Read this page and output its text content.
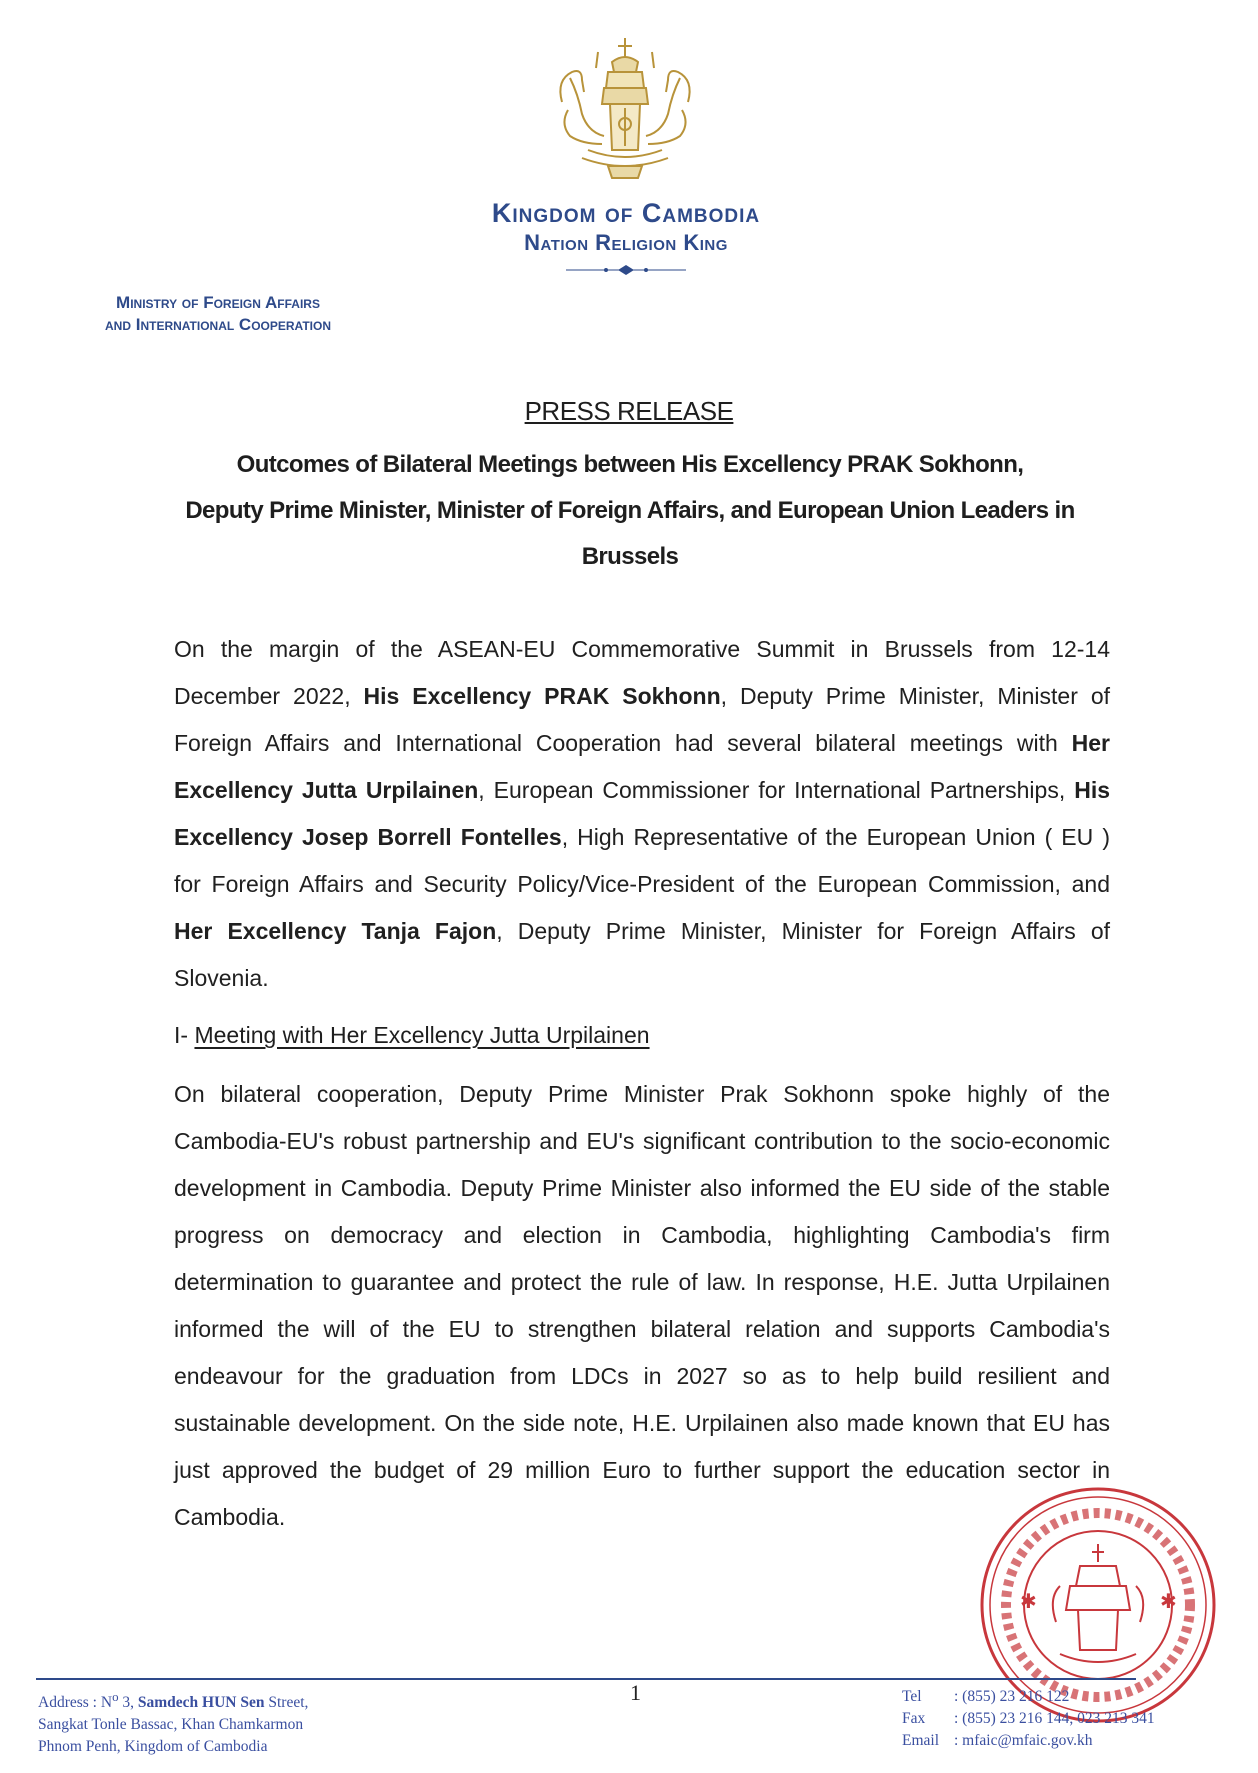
Kingdom of Cambodia
Nation Religion King
Ministry of Foreign Affairs
and International Cooperation
PRESS RELEASE
Outcomes of Bilateral Meetings between His Excellency PRAK Sokhonn,
Deputy Prime Minister, Minister of Foreign Affairs, and European Union Leaders in
Brussels
On the margin of the ASEAN-EU Commemorative Summit in Brussels from 12-14 December 2022, His Excellency PRAK Sokhonn, Deputy Prime Minister, Minister of Foreign Affairs and International Cooperation had several bilateral meetings with Her Excellency Jutta Urpilainen, European Commissioner for International Partnerships, His Excellency Josep Borrell Fontelles, High Representative of the European Union ( EU ) for Foreign Affairs and Security Policy/Vice-President of the European Commission, and Her Excellency Tanja Fajon, Deputy Prime Minister, Minister for Foreign Affairs of Slovenia.
I- Meeting with Her Excellency Jutta Urpilainen
On bilateral cooperation, Deputy Prime Minister Prak Sokhonn spoke highly of the Cambodia-EU's robust partnership and EU's significant contribution to the socio-economic development in Cambodia. Deputy Prime Minister also informed the EU side of the stable progress on democracy and election in Cambodia, highlighting Cambodia's firm determination to guarantee and protect the rule of law. In response, H.E. Jutta Urpilainen informed the will of the EU to strengthen bilateral relation and supports Cambodia's endeavour for the graduation from LDCs in 2027 so as to help build resilient and sustainable development. On the side note, H.E. Urpilainen also made known that EU has just approved the budget of 29 million Euro to further support the education sector in Cambodia.
✱	✱
Address : $N^o$ 3, Samdech HUN Sen Street,
Sangkat Tonle Bassac, Khan Chamkarmon
Phnom Penh, Kingdom of Cambodia
1	Tel : (855) 23 216 122
Fax : (855) 23 216 144, 023 213 341
Email : mfaic@mfaic.gov.kh
